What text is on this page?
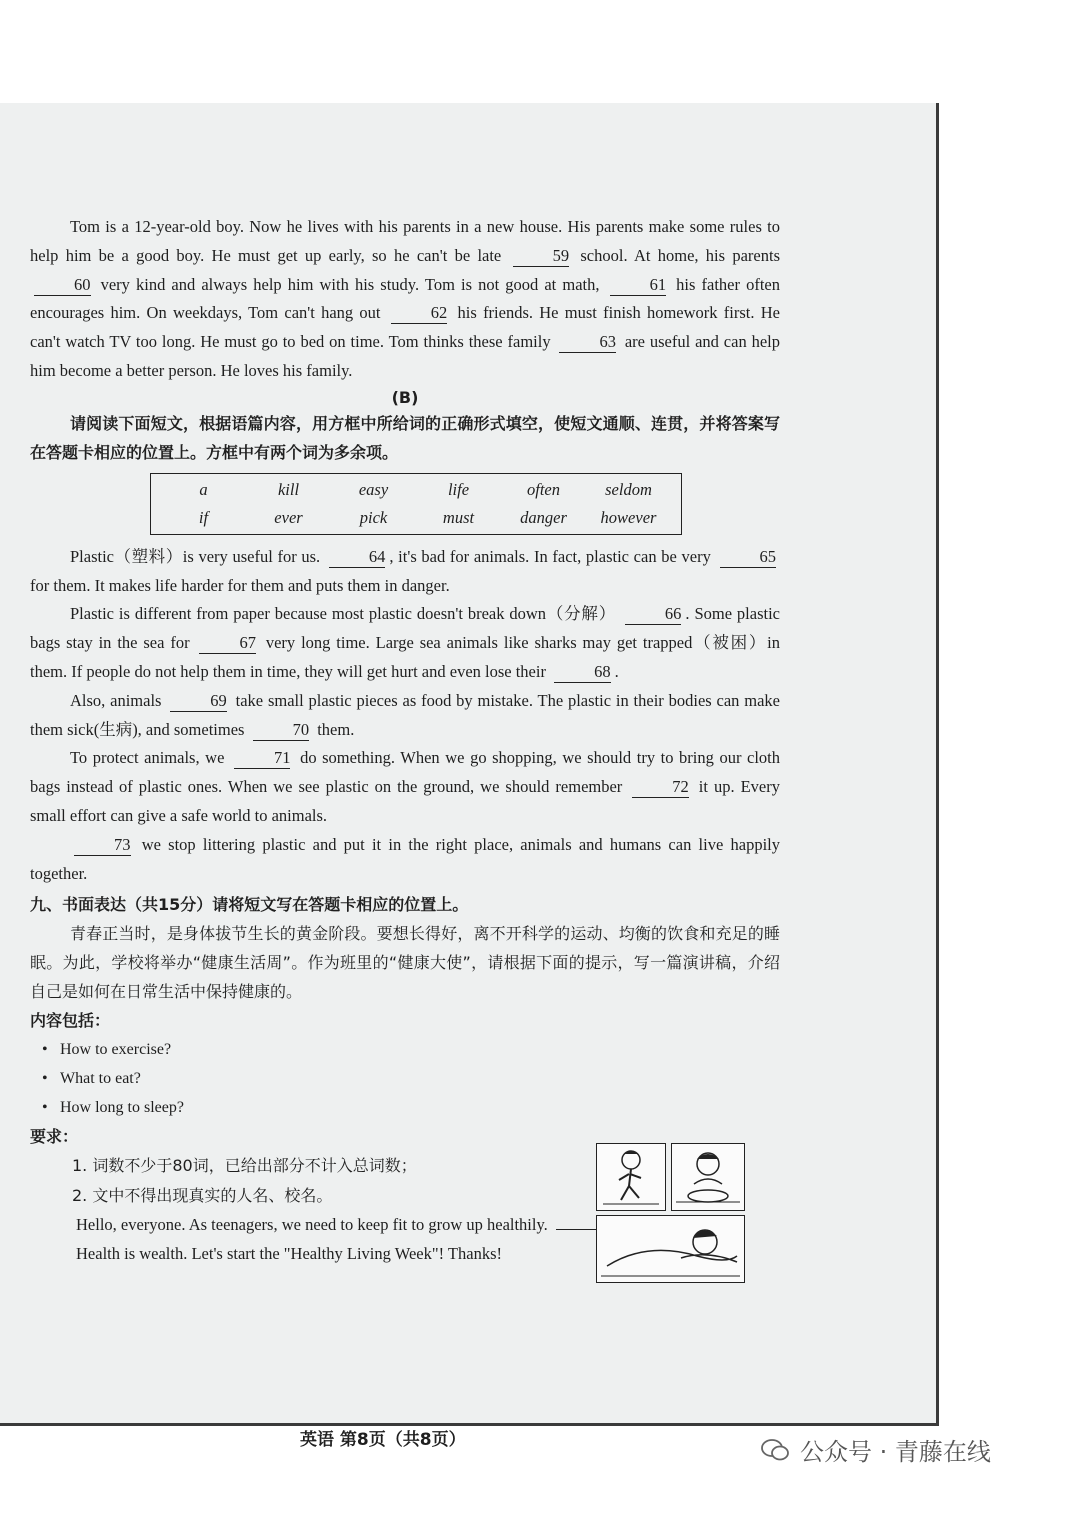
Tom is a 12-year-old boy. Now he lives with his parents in a new house. His parents make some rules to help him be a good boy. He must get up early, so he can't be late	59 school. At home, his parents 60 very kind and always help him with his study. Tom is not good at math,	61 his father often encourages him. On weekdays, Tom can't hang out	62 his friends. He must finish homework first. He can't watch TV too long. He must go to bed on time. Tom thinks these family	63 are useful and can help him become a better person. He loves his family.

(B)

请阅读下面短文，根据语篇内容，用方框中所给词的正确形式填空，使短文通顺、连贯，并将答案写在答题卡相应的位置上。方框中有两个词为多余项。

a	kill	easy	life	often	seldom
if	ever	pick	must	danger	however

Plastic（塑料）is very useful for us.	64 , it's bad for animals. In fact, plastic can be very	65 for them. It makes life harder for them and puts them in danger.

Plastic is different from paper because most plastic doesn't break down（分解）	66 . Some plastic bags stay in the sea for	67 very long time. Large sea animals like sharks may get trapped（被困）in them. If people do not help them in time, they will get hurt and even lose their	68 .

Also, animals	69 take small plastic pieces as food by mistake. The plastic in their bodies can make them sick(生病), and sometimes	70 them.

To protect animals, we	71 do something. When we go shopping, we should try to bring our cloth bags instead of plastic ones. When we see plastic on the ground, we should remember	72 it up. Every small effort can give a safe world to animals.

73 we stop littering plastic and put it in the right place, animals and humans can live happily together.

九、书面表达（共15分）请将短文写在答题卡相应的位置上。

青春正当时，是身体拔节生长的黄金阶段。要想长得好，离不开科学的运动、均衡的饮食和充足的睡眠。为此，学校将举办“健康生活周”。作为班里的“健康大使”，请根据下面的提示，写一篇演讲稿，介绍自己是如何在日常生活中保持健康的。

内容包括：

• How to exercise?
• What to eat?
• How long to sleep?

要求：

1. 词数不少于80词，已给出部分不计入总词数；
2. 文中不得出现真实的人名、校名。

Hello, everyone. As teenagers, we need to keep fit to grow up healthily.

Health is wealth. Let's start the "Healthy Living Week"! Thanks!

英语 第8页（共8页）	公众号 · 青藤在线
